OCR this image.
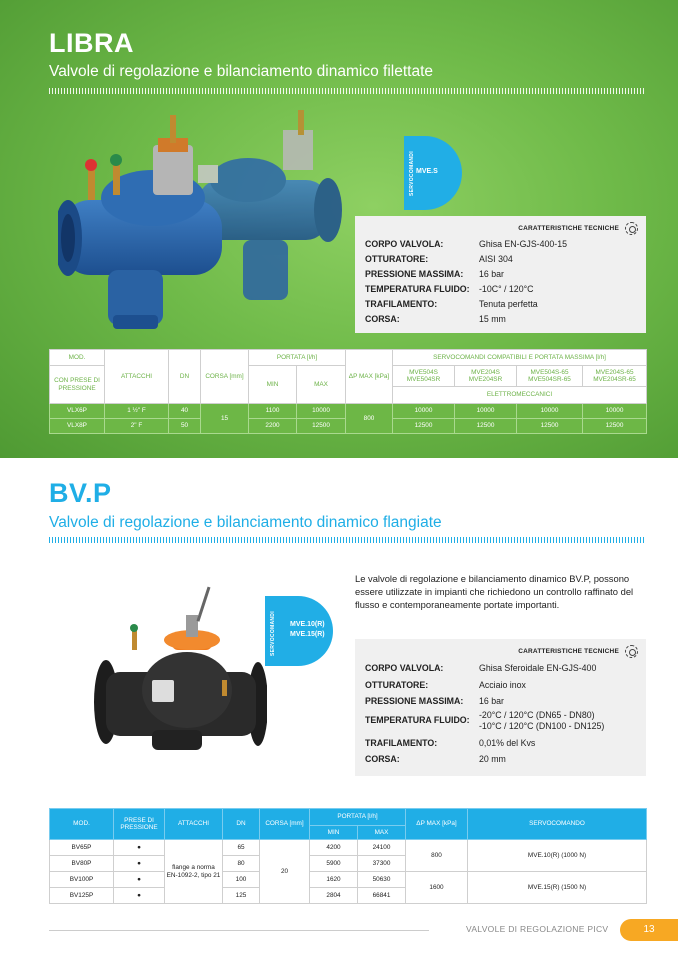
LIBRA
Valvole di regolazione e bilanciamento dinamico filettate
SERVOCOMANDI MVE.S
CARATTERISTICHE TECNICHE
CORPO VALVOLA:	Ghisa EN-GJS-400-15
OTTURATORE:	AISI 304
PRESSIONE MASSIMA: 16 bar
TEMPERATURA FLUIDO: -10C° / 120°C
TRAFILAMENTO:	Tenuta perfetta
CORSA:	15 mm
MOD.	ATTACCHI	DN	CORSA [mm]	PORTATA [l/h]		ΔP MAX [kPa]	SERVOCOMANDI COMPATIBILI E PORTATA MASSIMA [l/h]			
CON PRESE DI PRESSIONE				MIN	MAX		MVE504S MVE504SR	MVE204S MVE204SR	MVE504S-65 MVE504SR-65	MVE204S-65 MVE204SR-65
							ELETTROMECCANICI			
VLX6P	1 ½" F	40	15	1100	10000	800	10000	10000	10000	10000
VLX8P	2" F	50		2200	12500		12500	12500	12500	12500
BV.P
Valvole di regolazione e bilanciamento dinamico flangiate
SERVOCOMANDI MVE.10(R)
MVE.15(R)
Le valvole di regolazione e bilanciamento dinamico BV.P, possono essere utilizzate in impianti che richiedono un controllo raffinato del flusso e contemporaneamente portate importanti.
CARATTERISTICHE TECNICHE
CORPO VALVOLA:	Ghisa Sferoidale EN-GJS-400
OTTURATORE:	Acciaio inox
PRESSIONE MASSIMA: 16 bar
TEMPERATURA FLUIDO: -20°C / 120°C (DN65 - DN80)
-10°C / 120°C (DN100 - DN125)
TRAFILAMENTO:	0,01% del Kvs
CORSA:	20 mm
MOD.	PRESE DI PRESSIONE	ATTACCHI	DN	CORSA [mm]	PORTATA [l/h]		ΔP MAX [kPa]	SERVOCOMANDO
					MIN	MAX		
BV65P	●	flange a norma EN-1092-2, tipo 21	65	20	4200	24100	800	MVE.10(R) (1000 N)
BV80P	●		80		5900	37300		
BV100P	●		100		1620	50630	1600	MVE.15(R) (1500 N)
BV125P	●		125		2804	66841		
VALVOLE DI REGOLAZIONE PICV	13
